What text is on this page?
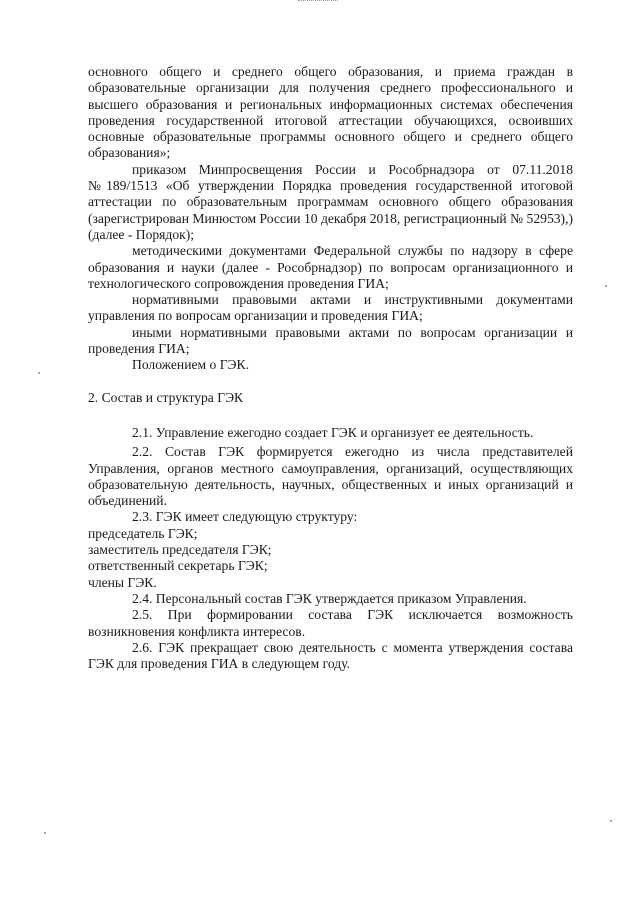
основного общего и среднего общего образования, и приема граждан в образовательные организации для получения среднего профессионального и высшего образования и региональных информационных системах обеспечения проведения государственной итоговой аттестации обучающихся, освоивших основные образовательные программы основного общего и среднего общего образования»;

приказом Минпросвещения России и Рособрнадзора от 07.11.2018 №189/1513 «Об утверждении Порядка проведения государственной итоговой аттестации по образовательным программам основного общего образования (зарегистрирован Минюстом России 10 декабря 2018, регистрационный № 52953),) (далее - Порядок);

методическими документами Федеральной службы по надзору в сфере образования и науки (далее - Рособрнадзор) по вопросам организационного и технологического сопровождения проведения ГИА;

нормативными правовыми актами и инструктивными документами управления по вопросам организации и проведения ГИА;

иными нормативными правовыми актами по вопросам организации и проведения ГИА;

Положением о ГЭК.

2. Состав и структура ГЭК

2.1. Управление ежегодно создает ГЭК и организует ее деятельность.

2.2. Состав ГЭК формируется ежегодно из числа представителей Управления, органов местного самоуправления, организаций, осуществляющих образовательную деятельность, научных, общественных и иных организаций и объединений.

2.3. ГЭК имеет следующую структуру:

председатель ГЭК;

заместитель председателя ГЭК;

ответственный секретарь ГЭК;

члены ГЭК.

2.4. Персональный состав ГЭК утверждается приказом Управления.

2.5. При формировании состава ГЭК исключается возможность возникновения конфликта интересов.

2.6. ГЭК прекращает свою деятельность с момента утверждения состава ГЭК для проведения ГИА в следующем году.
